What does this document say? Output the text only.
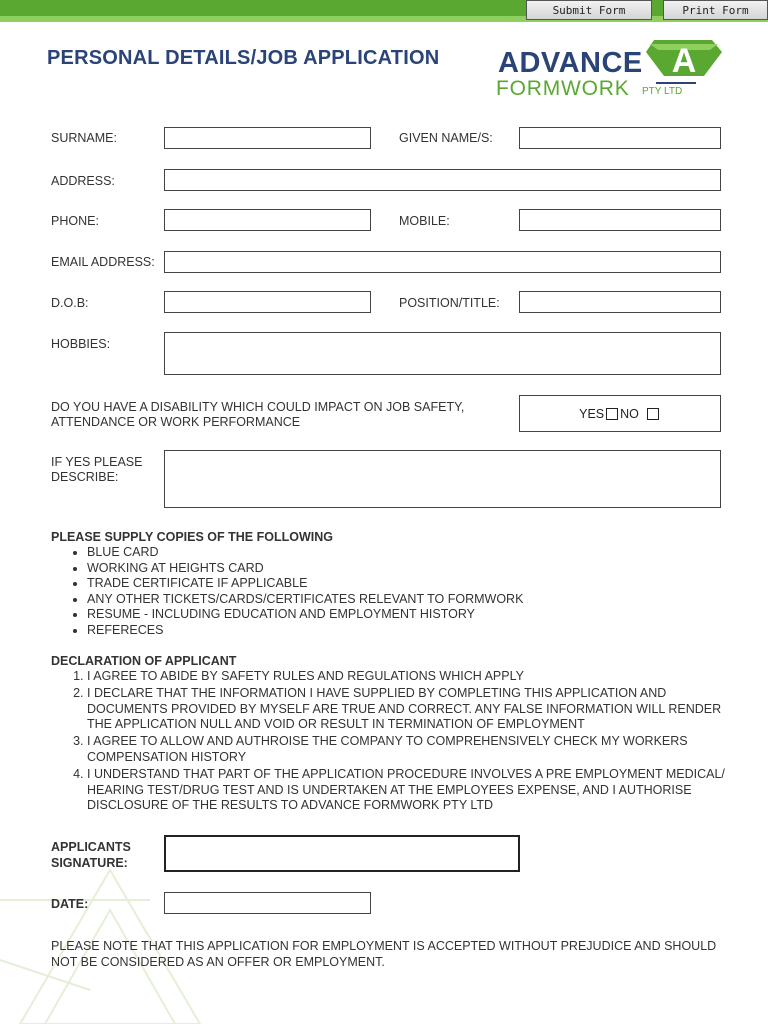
Submit Form	Print Form
PERSONAL DETAILS/JOB APPLICATION ADVANCE
FORMWORK PTY LTD
A
SURNAME:	GIVEN NAME/S:
ADDRESS:
PHONE:	MOBILE:
EMAIL ADDRESS:
D.O.B:	POSITION/TITLE:
HOBBIES:
DO YOU HAVE A DISABILITY WHICH COULD IMPACT ON JOB SAFETY,
ATTENDANCE OR WORK PERFORMANCE
YES NO
IF YES PLEASE
DESCRIBE:
PLEASE SUPPLY COPIES OF THE FOLLOWING
• BLUE CARD
• WORKING AT HEIGHTS CARD
• TRADE CERTIFICATE IF APPLICABLE
• ANY OTHER TICKETS/CARDS/CERTIFICATES RELEVANT TO FORMWORK
• RESUME - INCLUDING EDUCATION AND EMPLOYMENT HISTORY
• REFERECES
DECLARATION OF APPLICANT
1. I AGREE TO ABIDE BY SAFETY RULES AND REGULATIONS WHICH APPLY
2. I DECLARE THAT THE INFORMATION I HAVE SUPPLIED BY COMPLETING THIS APPLICATION AND DOCUMENTS PROVIDED BY MYSELF ARE TRUE AND CORRECT. ANY FALSE INFORMATION WILL RENDER THE APPLICATION NULL AND VOID OR RESULT IN TERMINATION OF EMPLOYMENT
3. I AGREE TO ALLOW AND AUTHROISE THE COMPANY TO COMPREHENSIVELY CHECK MY WORKERS COMPENSATION HISTORY
4. I UNDERSTAND THAT PART OF THE APPLICATION PROCEDURE INVOLVES A PRE EMPLOYMENT MEDICAL/ HEARING TEST/DRUG TEST AND IS UNDERTAKEN AT THE EMPLOYEES EXPENSE, AND I AUTHORISE DISCLOSURE OF THE RESULTS TO ADVANCE FORMWORK PTY LTD
APPLICANTS
SIGNATURE:
DATE:
PLEASE NOTE THAT THIS APPLICATION FOR EMPLOYMENT IS ACCEPTED WITHOUT PREJUDICE AND SHOULD
NOT BE CONSIDERED AS AN OFFER OR EMPLOYMENT.
